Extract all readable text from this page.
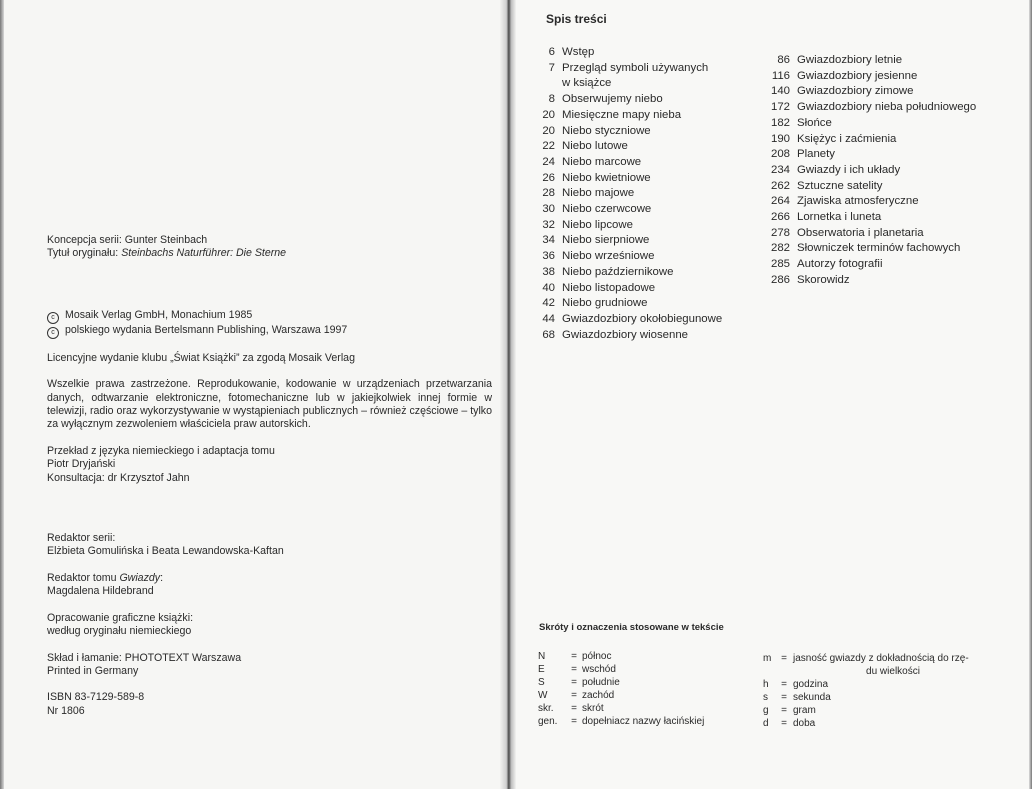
Koncepcja serii: Gunter Steinbach

Tytuł oryginału: Steinbachs Naturführer: Die Sterne

c Mosaik Verlag GmbH, Monachium 1985

c polskiego wydania Bertelsmann Publishing, Warszawa 1997

Licencyjne wydanie klubu „Świat Książki” za zgodą Mosaik Verlag

Wszelkie prawa zastrzeżone. Reprodukowanie, kodowanie w urządzeniach przetwarzania danych, odtwarzanie elektroniczne, fotomechaniczne lub w jakiejkolwiek innej formie w telewizji, radio oraz wykorzystywanie w wystąpieniach publicznych – również częściowe – tylko za wyłącznym zezwoleniem właściciela praw autorskich.

Przekład z języka niemieckiego i adaptacja tomu

Piotr Dryjański

Konsultacja: dr Krzysztof Jahn

Redaktor serii:

Elżbieta Gomulińska i Beata Lewandowska-Kaftan

Redaktor tomu Gwiazdy:

Magdalena Hildebrand

Opracowanie graficzne książki:

według oryginału niemieckiego

Skład i łamanie: PHOTOTEXT Warszawa

Printed in Germany

ISBN 83-7129-589-8

Nr 1806

Spis treści
6 Wstęp
7 Przegląd symboli używanych
w książce
8 Obserwujemy niebo
20 Miesięczne mapy nieba
20 Niebo styczniowe
22 Niebo lutowe
24 Niebo marcowe
26 Niebo kwietniowe
28 Niebo majowe
30 Niebo czerwcowe
32 Niebo lipcowe
34 Niebo sierpniowe
36 Niebo wrześniowe
38 Niebo październikowe
40 Niebo listopadowe
42 Niebo grudniowe
44 Gwiazdozbiory okołobiegunowe
68 Gwiazdozbiory wiosenne
86 Gwiazdozbiory letnie
116 Gwiazdozbiory jesienne
140 Gwiazdozbiory zimowe
172 Gwiazdozbiory nieba południowego
182 Słońce
190 Księżyc i zaćmienia
208 Planety
234 Gwiazdy i ich układy
262 Sztuczne satelity
264 Zjawiska atmosferyczne
266 Lornetka i luneta
278 Obserwatoria i planetaria
282 Słowniczek terminów fachowych
285 Autorzy fotografii
286 Skorowidz
Skróty i oznaczenia stosowane w tekście
N	= północ
E	= wschód
S	= południe
W	= zachód
skr.	= skrót
gen.	= dopełniacz nazwy łacińskiej
m = jasność gwiazdy z dokładnością do rzę-
du wielkości
h	= godzina
s	= sekunda
g	= gram
d	= doba
